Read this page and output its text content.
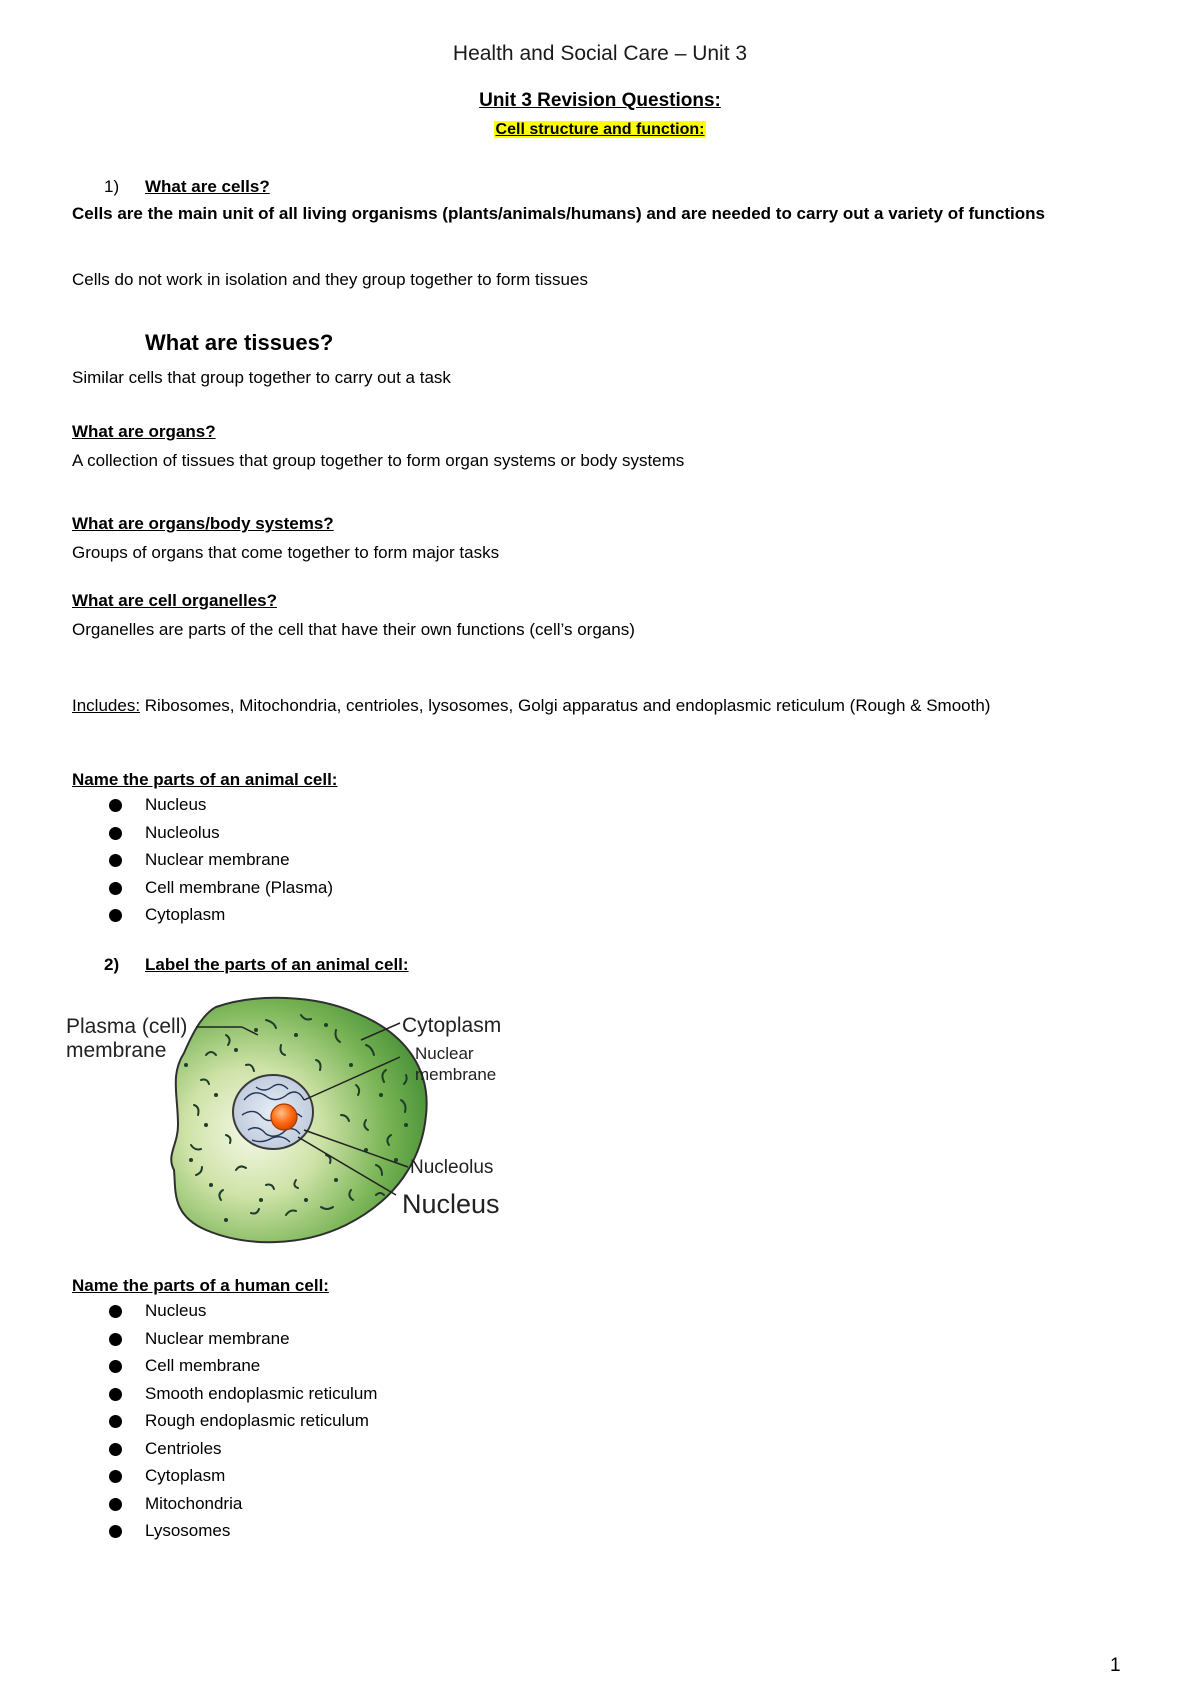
Health and Social Care – Unit 3
Unit 3 Revision Questions:
Cell structure and function:
1) What are cells?
Cells are the main unit of all living organisms (plants/animals/humans) and are needed to carry out a variety of functions
Cells do not work in isolation and they group together to form tissues
What are tissues?
Similar cells that group together to carry out a task
What are organs?
A collection of tissues that group together to form organ systems or body systems
What are organs/body systems?
Groups of organs that come together to form major tasks
What are cell organelles?
Organelles are parts of the cell that have their own functions (cell’s organs)
Includes: Ribosomes, Mitochondria, centrioles, lysosomes, Golgi apparatus and endoplasmic reticulum (Rough & Smooth)
Name the parts of an animal cell:
Nucleus
Nucleolus
Nuclear membrane
Cell membrane (Plasma)
Cytoplasm
2) Label the parts of an animal cell:
Plasma (cell)
membrane
Cytoplasm
Nuclear
membrane
Nucleolus
Nucleus
Name the parts of a human cell:
Nucleus
Nuclear membrane
Cell membrane
Smooth endoplasmic reticulum
Rough endoplasmic reticulum
Centrioles
Cytoplasm
Mitochondria
Lysosomes
1
